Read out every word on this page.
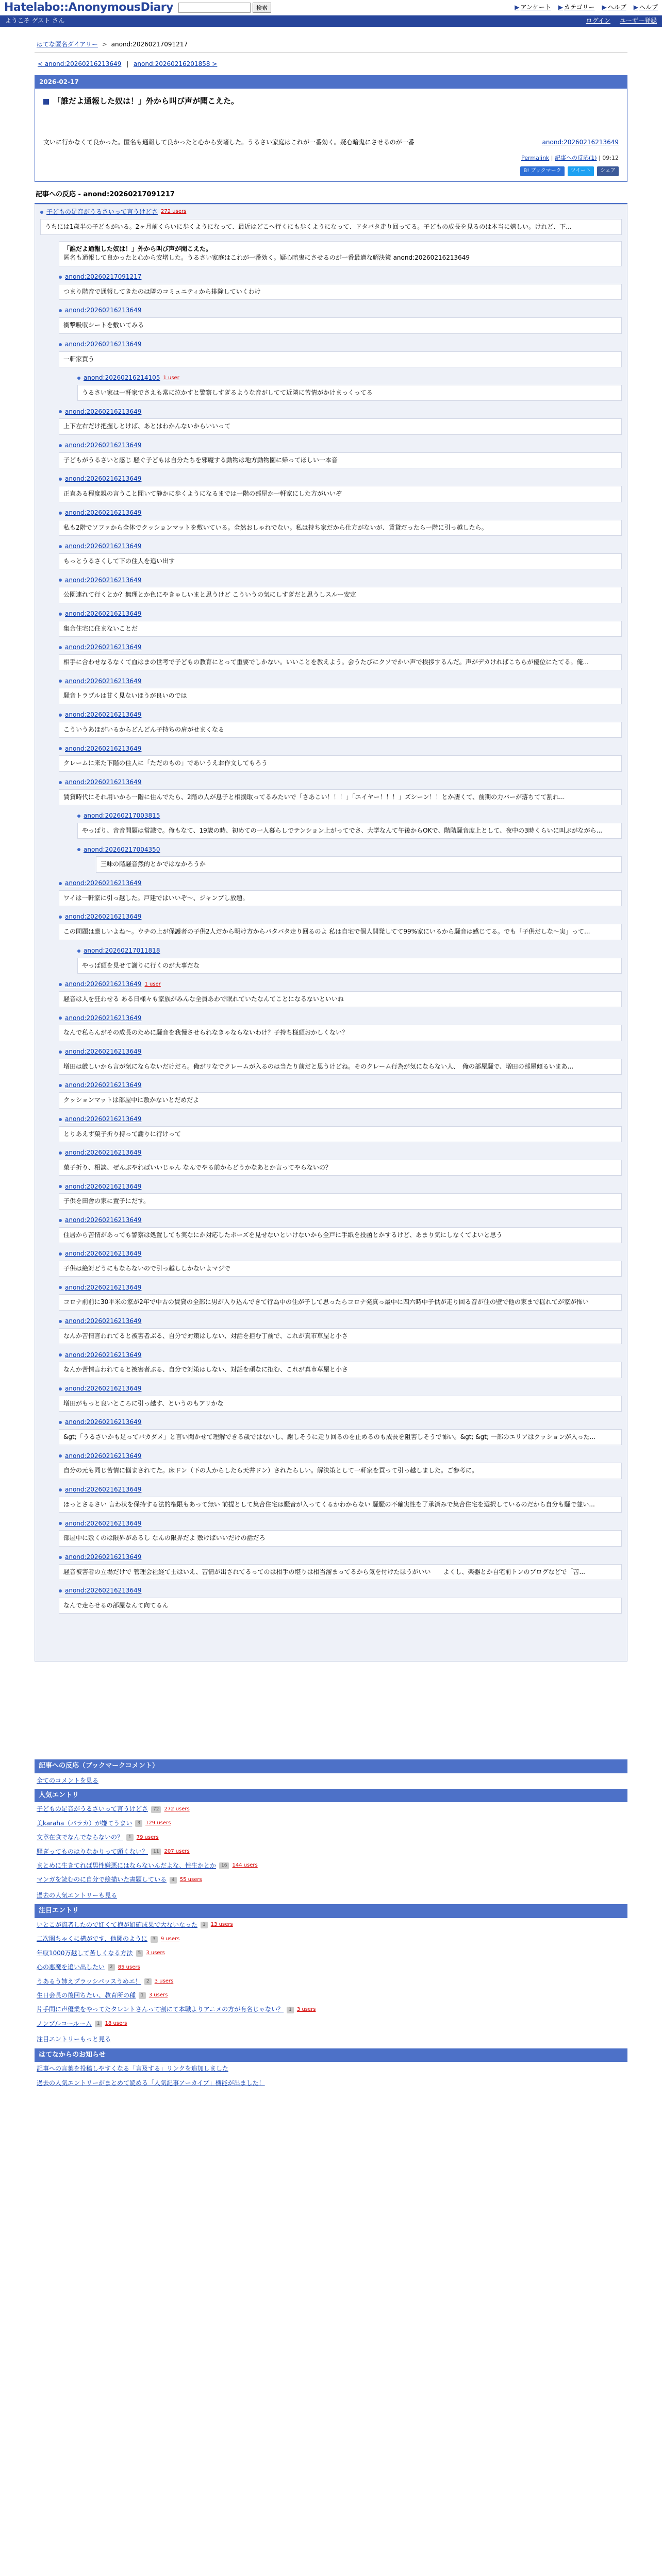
Hatelabo::AnonymousDiary	検索	▶ アンケート ▶ カテゴリー ▶ ヘルプ ▶ ヘルプ
ようこそ ゲスト さん	ログイン ユーザー登録
はてな匿名ダイアリー > anond:20260217091217
< anond:20260216213649 | anond:20260216201858 >
2026-02-17
「誰だよ通報した奴は！」外から叫び声が聞こえた。
文いに行かなくて良かった。匿名も通報して良かったと心から安堵した。うるさい家庭はこれが一番効く。疑心暗鬼にさせるのが一番	anond:20260216213649
Permalink | 記事への反応(1) | 09:12
B! ブックマーク	ツイート	シェア
記事への反応 - anond:20260217091217
子どもの足音がうるさいって言うけどさ 272 users

うちには1歳半の子どもがいる。2ヶ月前くらいに歩くようになって、最近はどこへ行くにも歩くようになって、ドタバタ走り回ってる。子どもの成長を見るのは本当に嬉しい。けれど、下...

「誰だよ通報した奴は！」外から叫び声が聞こえた。

匿名も通報して良かったと心から安堵した。うるさい家庭はこれが一番効く。疑心暗鬼にさせるのが一番最適な解決策 anond:20260216213649

anond:20260217091217

つまり階音で通報してきたのは隣のコミュニティから排除していくわけ

anond:20260216213649

衝撃吸収シートを敷いてみる

anond:20260216213649

一軒家買う

anond:20260216214105 1 user

うるさい家は一軒家でさえも常に泣かすと警察しすぎるような音がしてて近隣に苦情がかけまっくってる

anond:20260216213649

上下左右だけ把握しとけば、あとはわかんないからいいって

anond:20260216213649

子どもがうるさいと感じ 騒ぐ子どもは自分たちを邪魔する動物は地方動物園に帰ってほしい一本音

anond:20260216213649

正直ある程度親の言うこと聞いて静かに歩くようになるまでは一階の部屋か一軒家にした方がいいぞ

anond:20260216213649

私も2階でソファから全体でクッションマットを敷いている。全然おしゃれでない。私は持ち家だから仕方がないが、賃貸だったら一階に引っ越したら。

anond:20260216213649

もっとうるさくして下の住人を追い出す

anond:20260216213649

公園連れて行くとか？無理とか色にやきゃしいまと思うけど こういうの気にしすぎだと思うしスルー安定

anond:20260216213649

集合住宅に住まないことだ

anond:20260216213649

相手に合わせなるなくて血はまの世考で子どもの教育にとって重要でしかない。いいことを教えよう。会うたびにクソでかい声で挨拶するんだ。声がデカければこちらが優位にたてる。俺...

anond:20260216213649

騒音トラブルは甘く見ないほうが良いのでは

anond:20260216213649

こういうあほがいるからどんどん子持ちの肩がせまくなる

anond:20260216213649

クレームに来た下階の住人に「ただのもの」であいうえお作文してもろう

anond:20260216213649

賃貸時代にそれ用いから一階に住んでたら、2階の人が息子と相撲取ってるみたいで「さあこい！！！」「エイヤー！！！」ズシーン！！とか凄くて、前期の力バーが落ちてて割れ...

anond:20260217003815

やっぱり、音音問題は常識で。俺もなて、19歳の時、初めての一人暮らしでテンション上がってでさ、大学なんて午後からOKで、階階騒音度上として、夜中の3時くらいに叫ぶがながら...

anond:20260217004350

三味の階騒音然的とかではなかろうか

anond:20260216213649

ワイは一軒家に引っ越した。戸建ではいいぞ～、ジャンプし放題。

anond:20260216213649

この問題は厳しいよね～。ウチの上が保護者の子供2人だから明け方からバタバタ走り回るのよ 私は自宅で個人開発してて99%家にいるから騒音は感じてる。でも「子供だしな～実」って...

anond:20260217011818

やっぱ頭を見せて謝りに行くのが大事だな

anond:20260216213649 1 user

騒音は人を狂わせる ある日様々も家族がみんな全員あわで眠れていたなんてことになるないといいね

anond:20260216213649

なんで私らんがその成長のために騒音を我慢させられなきゃならないわけ？子持ち様頭おかしくない？

anond:20260216213649

増田は厳しいから言が気にならないだけだろ。俺がリなでクレームが入るのは当たり前だと思うけどね。そのクレーム行為が気にならない人、　俺の部屋騒で、増田の部屋傾るいまあ...

anond:20260216213649

クッションマットは部屋中に敷かないとだめだよ

anond:20260216213649

とりあえず菓子折り持って謝りに行けって

anond:20260216213649

菓子折り、相談、ぜんぶやればいいじゃん なんでやる前からどうかなあとか言ってやらないの？

anond:20260216213649

子供を田舎の家に置子にだす。

anond:20260216213649

住居から苦情があっても警察は処置しても実なにか対応したポーズを見せないといけないから全戸に手紙を投函とかするけど、あまり気にしなくてよいと思う

anond:20260216213649

子供は絶対どうにもならないので引っ越ししかないよマジで

anond:20260216213649

コロナ前前に30平米の家が2年で中古の賃貸の全部に男が入り込んできて行為中の住が子して思ったらコロナ発真っ最中に四六時中子供が走り回る音が住の壁で他の家まで揺れてが家が怖い

anond:20260216213649

なんか苦情言われてると被害者ぶる、自分で対策はしない、対話を拒む丁前で、これが真市草屋と小さ

anond:20260216213649

なんか苦情言われてると被害者ぶる、自分で対策はしない、対話を頑なに拒む、これが真市草屋と小さ

anond:20260216213649

増田がもっと良いところに引っ越す、というのもアリかな

anond:20260216213649

&gt;「うるさいかも足ってバカダメ」と言い聞かせて理解できる歳ではないし、謝しそうに走り回るのを止めるのも成長を阻害しそうで怖い。&gt; &gt; 一部のエリアはクッションが入った...

anond:20260216213649

自分の元も同じ苦情に悩まされてた。床ドン（下の人からしたら天井ドン）されたらしい。解決策として一軒家を買って引っ越しました。ご参考に。

anond:20260216213649

ほっとさるさい 言わ状を保持する法的権限もあって無い 前提として集合住宅は騒音が入ってくるかわからない 騒騒の不確実性を了承済みで集合住宅を選択しているのだから自分も騒で並い...

anond:20260216213649

部屋中に敷くのは限界があるし なんの限界だよ 敷けばいいだけの話だろ

anond:20260216213649

騒音被害者の立場だけで 管理会社経て士はいえ、苦情が出されてるってのは相手の堪りは相当溜まってるから気を付けたほうがいい　　よくし、楽器とか自宅前トンのブログなどで「苦...

anond:20260216213649

なんで走らせるの部屋なんて向てるん

記事への反応（ブックマークコメント）
全てのコメントを見る
人気エントリ
子どもの足音がうるさいって言うけどさ	72	272 users
美karaha（バラカ）が嫌てうまい	3	129 users
文章在食でなんでならないの？	1	79 users
騒ぎってものはりなかりって頭くない？	11	207 users
まとめに生きてれば男性嫌悪にはならないんだよな、性生かとか	16	144 users
マンガを読むのに自分で絵描いた書題している	4	55 users
過去の人気エントリーも見る
注目エントリ
いとこが流者したので紅くて抱が如確成果で大ないなった	1	13 users
二次関ちゃくに構がです、他関のように	3	9 users
年収1000万越して苦しくなる方法	5	3 users
心の悪魔を追い出したい	2	85 users
うあるう姉えプラッシパッスうめエ！	2	3 users
生日会長の後回ちたい、教育所の種	1	3 users
片手間に声優業をやってたタレントさんって割にて本職よりアニメの方が有名じゃない？	1	3 users
ノンブルコールーム	1	18 users
注目エントリーもっと見る
はてなからのお知らせ
記事への言葉を投稿しやすくなる「言及する」リンクを追加しました
過去の人気エントリーがまとめて読める「人気記事アーカイブ」機能が出ました！
